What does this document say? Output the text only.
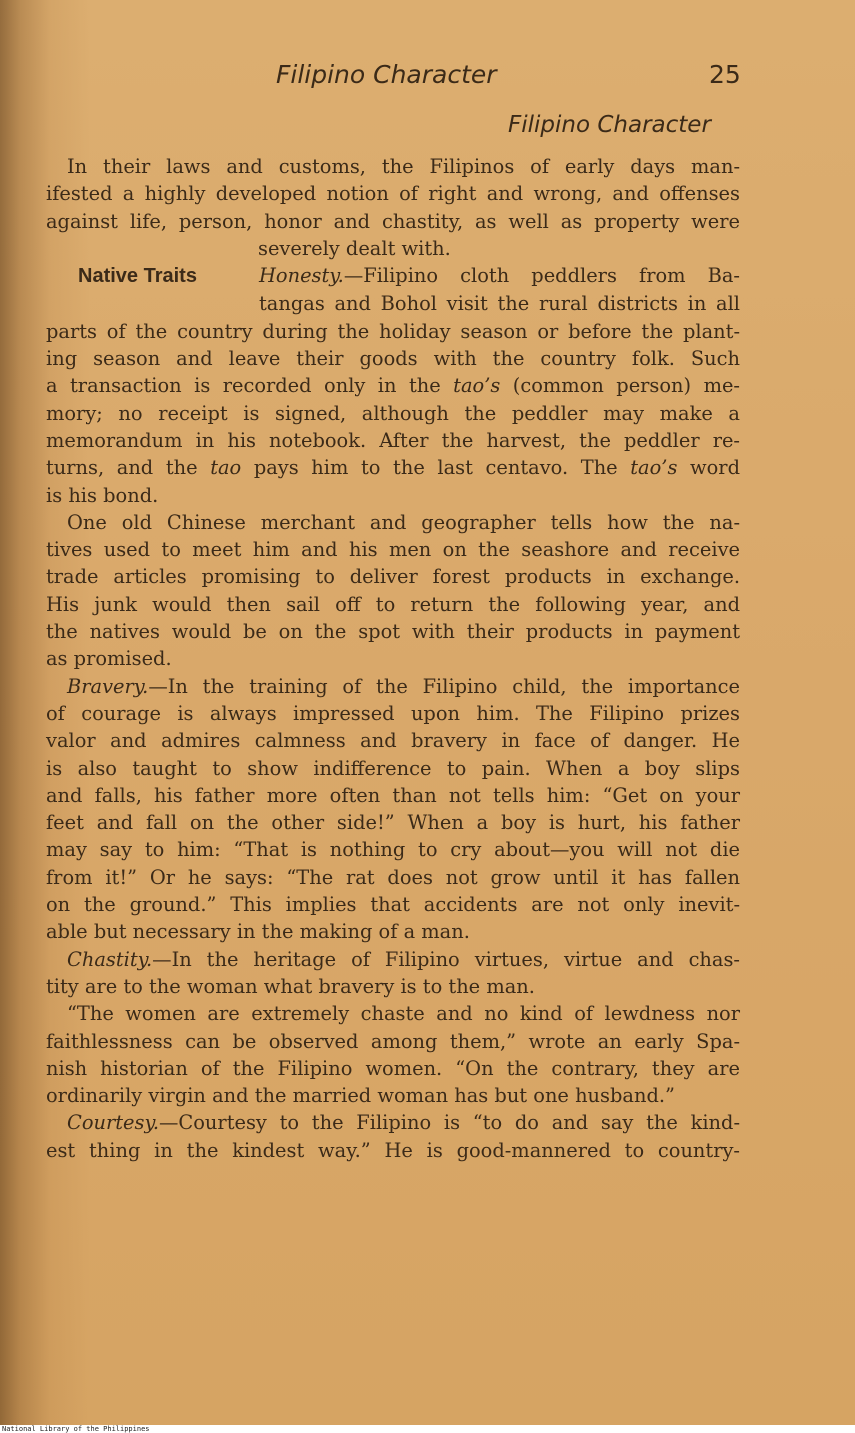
Filipino Character	25
Filipino Character
In their laws and customs, the Filipinos of early days man-
ifested a highly developed notion of right and wrong, and offenses
against life, person, honor and chastity, as well as property were
severely dealt with.
Native Traits	Honesty.—Filipino cloth peddlers from Ba-
tangas and Bohol visit the rural districts in all
parts of the country during the holiday season or before the plant-
ing season and leave their goods with the country folk. Such
a transaction is recorded only in the tao’s (common person) me-
mory; no receipt is signed, although the peddler may make a
memorandum in his notebook. After the harvest, the peddler re-
turns, and the tao pays him to the last centavo. The tao’s word
is his bond.
One old Chinese merchant and geographer tells how the na-
tives used to meet him and his men on the seashore and receive
trade articles promising to deliver forest products in exchange.
His junk would then sail off to return the following year, and
the natives would be on the spot with their products in payment
as promised.
Bravery.—In the training of the Filipino child, the importance
of courage is always impressed upon him. The Filipino prizes
valor and admires calmness and bravery in face of danger. He
is also taught to show indifference to pain. When a boy slips
and falls, his father more often than not tells him: “Get on your
feet and fall on the other side!” When a boy is hurt, his father
may say to him: “That is nothing to cry about—you will not die
from it!” Or he says: “The rat does not grow until it has fallen
on the ground.” This implies that accidents are not only inevit-
able but necessary in the making of a man.
Chastity.—In the heritage of Filipino virtues, virtue and chas-
tity are to the woman what bravery is to the man.
“The women are extremely chaste and no kind of lewdness nor
faithlessness can be observed among them,” wrote an early Spa-
nish historian of the Filipino women. “On the contrary, they are
ordinarily virgin and the married woman has but one husband.”
Courtesy.—Courtesy to the Filipino is “to do and say the kind-
est thing in the kindest way.” He is good-mannered to country-
National Library of the Philippines
